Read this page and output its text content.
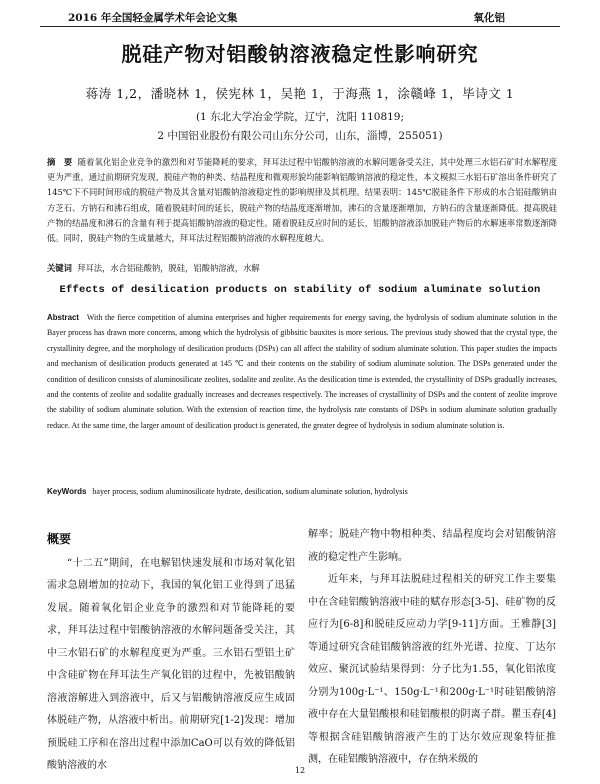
2016 年全国轻金属学术年会论文集	氧化铝
脱硅产物对铝酸钠溶液稳定性影响研究
蒋涛 1,2，潘晓林 1，侯宪林 1，吴艳 1，于海燕 1，涂赣峰 1，毕诗文 1
(1 东北大学冶金学院，辽宁，沈阳 110819;
2 中国铝业股份有限公司山东分公司，山东，淄博，255051)
摘　要 随着氧化铝企业竞争的激烈和对节能降耗的要求，拜耳法过程中铝酸钠溶液的水解问题备受关注，其中处理三水铝石矿时水解程度更为严重，通过前期研究发现，脱硅产物的种类、结晶程度和微观形貌均能影响铝酸钠溶液的稳定性，本文模拟三水铝石矿溶出条件研究了145℃下不同时间形成的脱硅产物及其含量对铝酸钠溶液稳定性的影响规律及其机理。结果表明：145℃脱硅条件下形成的水合铝硅酸钠由方芝石、方钠石和沸石组成，随着脱硅时间的延长，脱硅产物的结晶度逐渐增加，沸石的含量逐渐增加，方钠石的含量逐渐降低。提高脱硅产物的结晶度和沸石的含量有利于提高铝酸钠溶液的稳定性。随着脱硅反应时间的延长，铝酸钠溶液添加脱硅产物后的水解速率常数逐渐降低。同时，脱硅产物的生成量越大，拜耳法过程铝酸钠溶液的水解程度越大。
关键词 拜耳法，水合铝硅酸钠，脱硅，铝酸钠溶液，水解
Effects of desilication products on stability of sodium aluminate solution
Abstract With the fierce competition of alumina enterprises and higher requirements for energy saving, the hydrolysis of sodium aluminate solution in the Bayer process has drawn more concerns, among which the hydrolysis of gibbsitic bauxites is more serious. The previous study showed that the crystal type, the crystallinity degree, and the morphology of desilication products (DSPs) can all affect the stability of sodium aluminate solution. This paper studies the impacts and mechanism of desilication products generated at 145 ℃ and their contents on the stability of sodium aluminate solution. The DSPs generated under the condition of desilicon consists of aluminosilicate zeolites, sodalite and zeolite. As the desilication time is extended, the crystallinity of DSPs gradually increases, and the contents of zeolite and sodalite gradually increases and decreases respectively. The increases of crystallinity of DSPs and the content of zeolite improve the stability of sodium aluminate solution. With the extension of reaction time, the hydrolysis rate constants of DSPs in sodium aluminate solution gradually reduce. At the same time, the larger amount of desilication product is generated, the greater degree of hydrolysis in sodium aluminate solution is.
KeyWords bayer process, sodium aluminosilicate hydrate, desilication, sodium aluminate solution, hydrolysis
概要
“十二五”期间，在电解铝快速发展和市场对氧化铝需求急剧增加的拉动下，我国的氧化铝工业得到了迅猛发展。随着氧化铝企业竞争的激烈和对节能降耗的要求，拜耳法过程中铝酸钠溶液的水解问题备受关注，其中三水铝石矿的水解程度更为严重。三水铝石型铝土矿中含硅矿物在拜耳法生产氧化铝的过程中，先被铝酸钠溶液溶解进入到溶液中，后又与铝酸钠溶液反应生成固体脱硅产物，从溶液中析出。前期研究[1-2]发现：增加预脱硅工序和在溶出过程中添加CaO可以有效的降低铝酸钠溶液的水
解率；脱硅产物中物相种类、结晶程度均会对铝酸钠溶液的稳定性产生影响。
近年来，与拜耳法脱硅过程相关的研究工作主要集中在含硅铝酸钠溶液中硅的赋存形态[3-5]、硅矿物的反应行为[6-8]和脱硅反应动力学[9-11]方面。王雅静[3]等通过研究含硅铝酸钠溶液的红外光谱、拉度、丁达尔效应、聚沉试验结果得到：分子比为1.55，氧化铝浓度分别为100g·L⁻¹、150g·L⁻¹和200g·L⁻¹时硅铝酸钠溶液中存在大量铝酸根和硅铝酸根的阴离子群。瞿玉春[4]等根据含硅铝酸钠溶液产生的丁达尔效应现象特征推测，在硅铝酸钠溶液中，存在纳米级的
12
